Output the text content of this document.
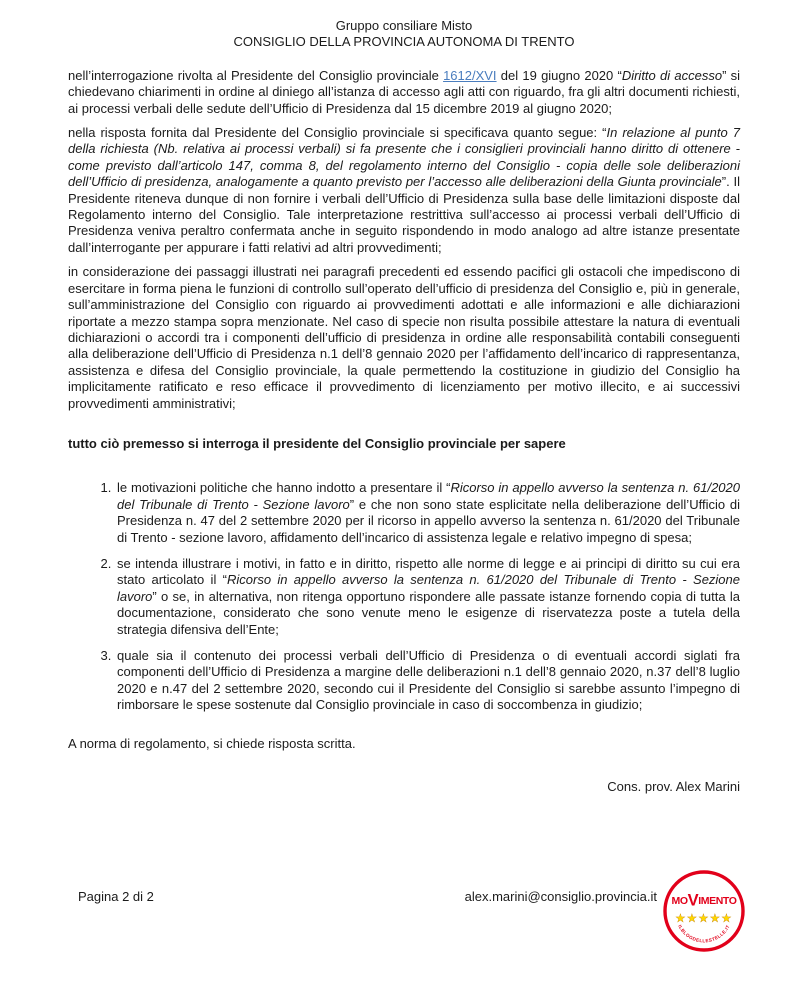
Gruppo consiliare Misto
CONSIGLIO DELLA PROVINCIA AUTONOMA DI TRENTO

nell’interrogazione rivolta al Presidente del Consiglio provinciale 1612/XVI del 19 giugno 2020 “Diritto di accesso” si chiedevano chiarimenti in ordine al diniego all’istanza di accesso agli atti con riguardo, fra gli altri documenti richiesti, ai processi verbali delle sedute dell’Ufficio di Presidenza dal 15 dicembre 2019 al giugno 2020;

nella risposta fornita dal Presidente del Consiglio provinciale si specificava quanto segue: “In relazione al punto 7 della richiesta (Nb. relativa ai processi verbali) si fa presente che i consiglieri provinciali hanno diritto di ottenere - come previsto dall’articolo 147, comma 8, del regolamento interno del Consiglio - copia delle sole deliberazioni dell’Ufficio di presidenza, analogamente a quanto previsto per l’accesso alle deliberazioni della Giunta provinciale”. Il Presidente riteneva dunque di non fornire i verbali dell’Ufficio di Presidenza sulla base delle limitazioni disposte dal Regolamento interno del Consiglio. Tale interpretazione restrittiva sull’accesso ai processi verbali dell’Ufficio di Presidenza veniva peraltro confermata anche in seguito rispondendo in modo analogo ad altre istanze presentate dall’interrogante per appurare i fatti relativi ad altri provvedimenti;

in considerazione dei passaggi illustrati nei paragrafi precedenti ed essendo pacifici gli ostacoli che impediscono di esercitare in forma piena le funzioni di controllo sull’operato dell’ufficio di presidenza del Consiglio e, più in generale, sull’amministrazione del Consiglio con riguardo ai provvedimenti adottati e alle informazioni e alle dichiarazioni riportate a mezzo stampa sopra menzionate. Nel caso di specie non risulta possibile attestare la natura di eventuali dichiarazioni o accordi tra i componenti dell’ufficio di presidenza in ordine alle responsabilità contabili conseguenti alla deliberazione dell’Ufficio di Presidenza n.1 dell’8 gennaio 2020 per l’affidamento dell’incarico di rappresentanza, assistenza e difesa del Consiglio provinciale, la quale permettendo la costituzione in giudizio del Consiglio ha implicitamente ratificato e reso efficace il provvedimento di licenziamento per motivo illecito, e ai successivi provvedimenti amministrativi;

tutto ciò premesso si interroga il presidente del Consiglio provinciale per sapere

1. le motivazioni politiche che hanno indotto a presentare il “Ricorso in appello avverso la sentenza n. 61/2020 del Tribunale di Trento - Sezione lavoro” e che non sono state esplicitate nella deliberazione dell’Ufficio di Presidenza n. 47 del 2 settembre 2020 per il ricorso in appello avverso la sentenza n. 61/2020 del Tribunale di Trento - sezione lavoro, affidamento dell’incarico di assistenza legale e relativo impegno di spesa;
2. se intenda illustrare i motivi, in fatto e in diritto, rispetto alle norme di legge e ai principi di diritto su cui era stato articolato il “Ricorso in appello avverso la sentenza n. 61/2020 del Tribunale di Trento - Sezione lavoro” o se, in alternativa, non ritenga opportuno rispondere alle passate istanze fornendo copia di tutta la documentazione, considerato che sono venute meno le esigenze di riservatezza poste a tutela della strategia difensiva dell’Ente;
3. quale sia il contenuto dei processi verbali dell’Ufficio di Presidenza o di eventuali accordi siglati fra componenti dell’Ufficio di Presidenza a margine delle deliberazioni n.1 dell’8 gennaio 2020, n.37 dell’8 luglio 2020 e n.47 del 2 settembre 2020, secondo cui il Presidente del Consiglio si sarebbe assunto l’impegno di rimborsare le spese sostenute dal Consiglio provinciale in caso di soccombenza in giudizio;

A norma di regolamento, si chiede risposta scritta.

Cons. prov. Alex Marini

Pagina 2 di 2	alex.marini@consiglio.provincia.it MOVIMENTO
★★★★★
ILBLOGDELLESTELLE.IT
